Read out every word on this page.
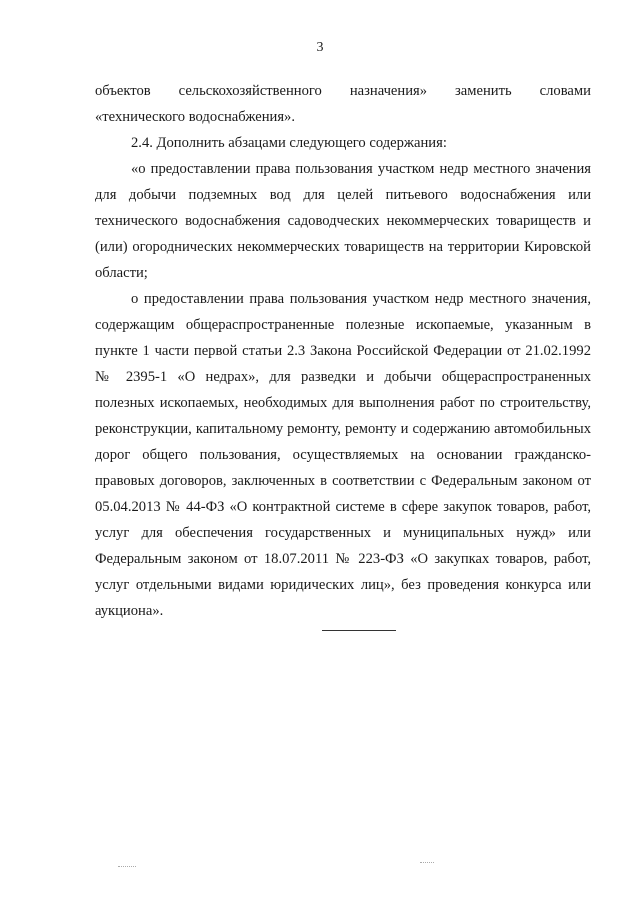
3
объектов сельскохозяйственного назначения» заменить словами

«технического водоснабжения».

2.4. Дополнить абзацами следующего содержания:

«о предоставлении права пользования участком недр местного значения для добычи подземных вод для целей питьевого водоснабжения или технического водоснабжения садоводческих некоммерческих товариществ и (или) огороднических некоммерческих товариществ на территории Кировской области;

о предоставлении права пользования участком недр местного значения, содержащим общераспространенные полезные ископаемые, указанным в пункте 1 части первой статьи 2.3 Закона Российской Федерации от 21.02.1992 № 2395-1 «О недрах», для разведки и добычи общераспространенных полезных ископаемых, необходимых для выполнения работ по строительству, реконструкции, капитальному ремонту, ремонту и содержанию автомобильных дорог общего пользования, осуществляемых на основании гражданско-правовых договоров, заключенных в соответствии с Федеральным законом от 05.04.2013 № 44-ФЗ «О контрактной системе в сфере закупок товаров, работ, услуг для обеспечения государственных и муниципальных нужд» или Федеральным законом от 18.07.2011 № 223-ФЗ «О закупках товаров, работ, услуг отдельными видами юридических лиц», без проведения конкурса или аукциона».
